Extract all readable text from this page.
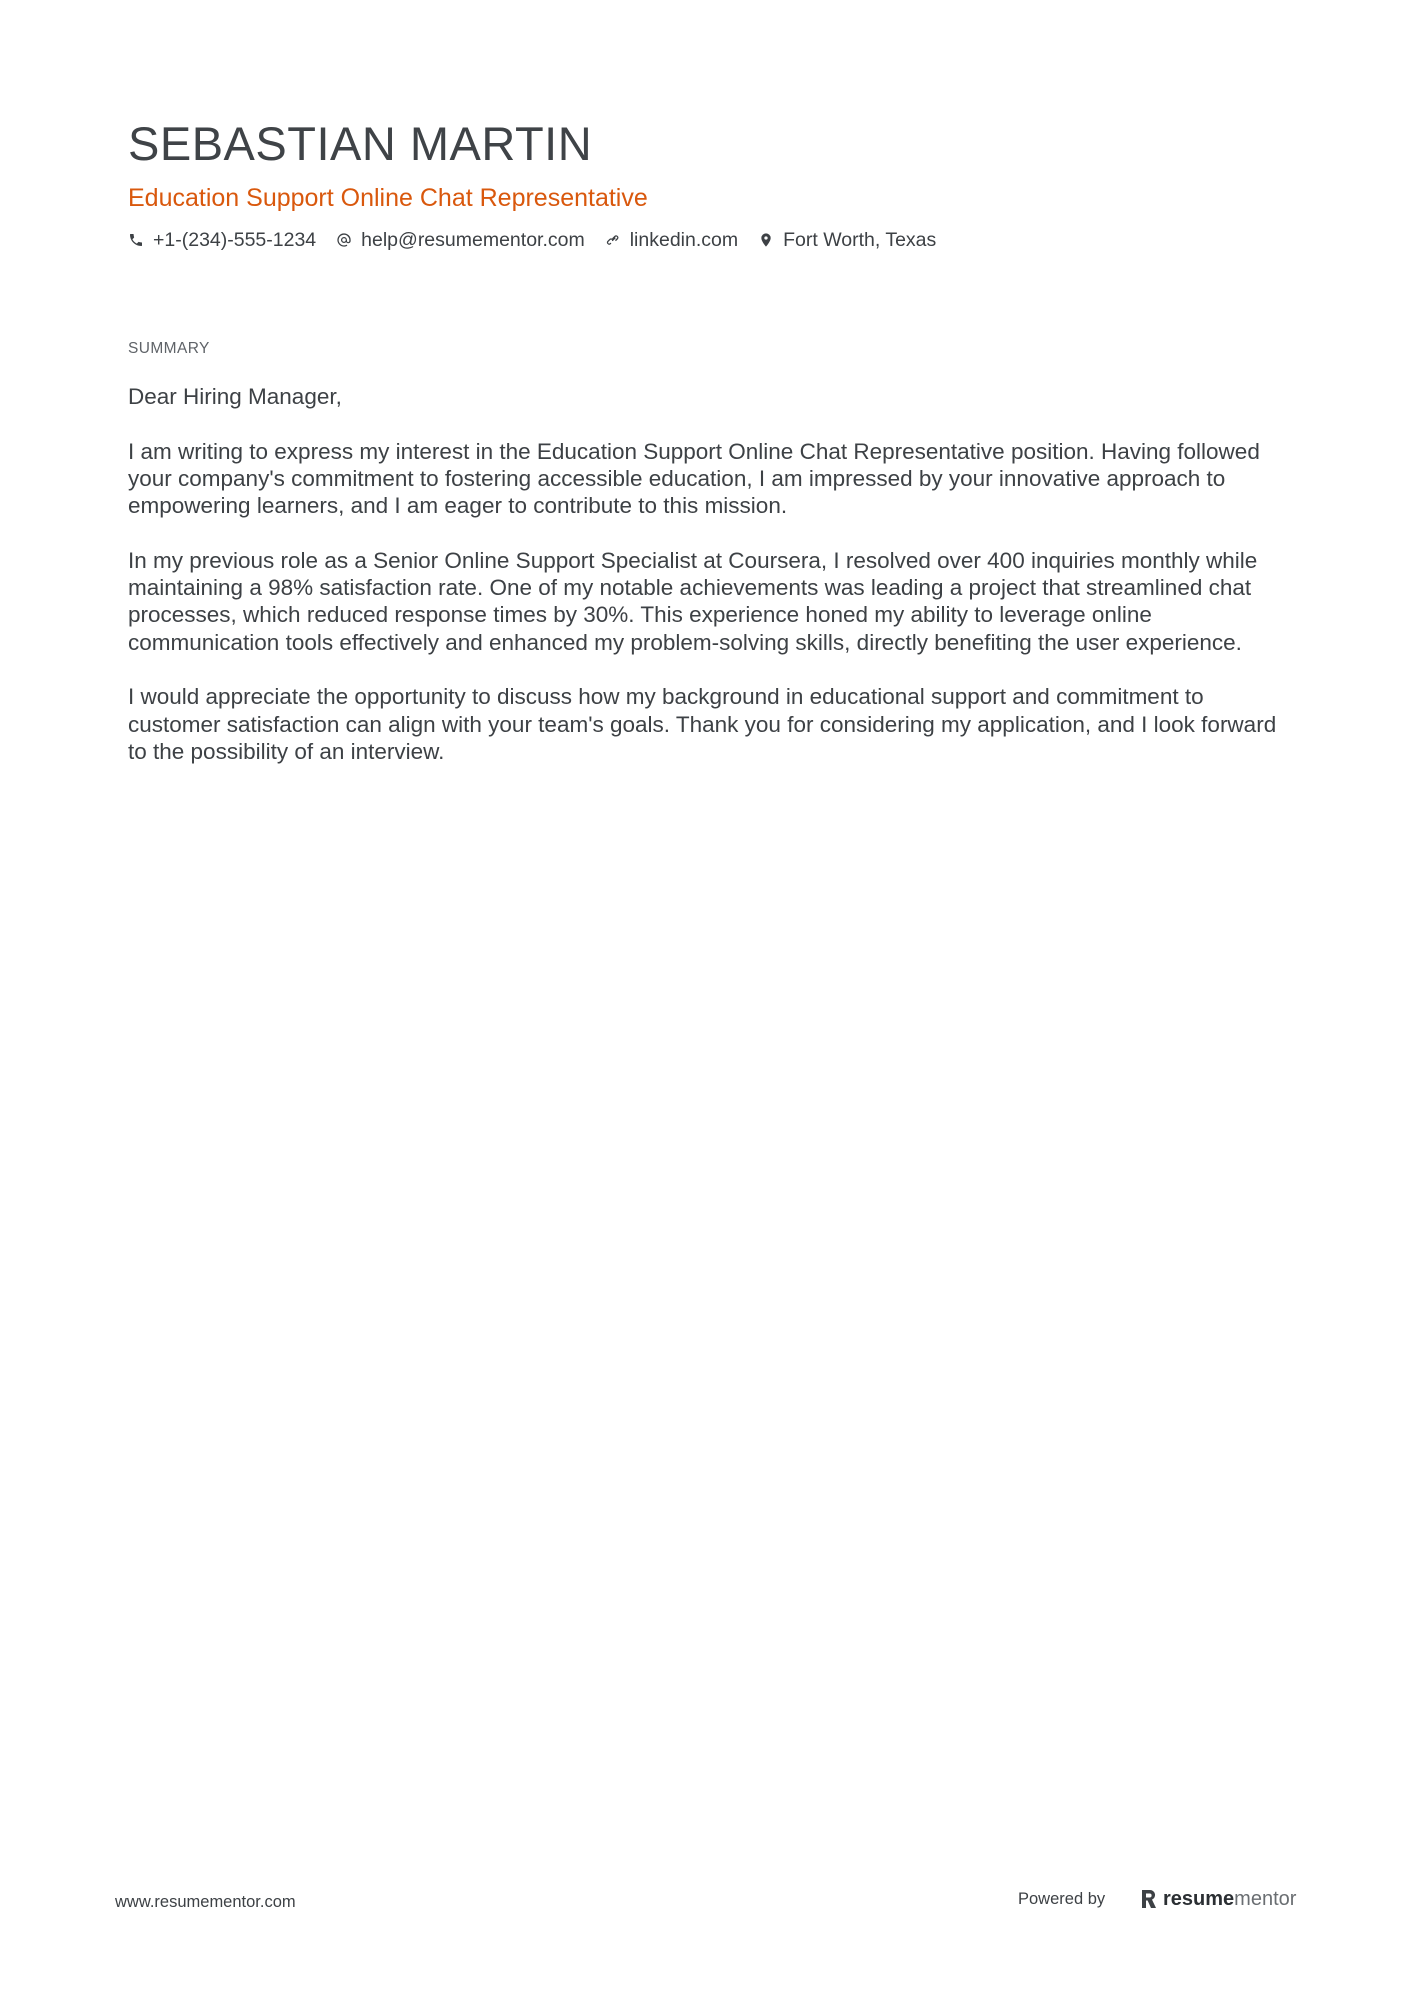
SEBASTIAN MARTIN
Education Support Online Chat Representative
+1-(234)-555-1234 help@resumementor.com linkedin.com Fort Worth, Texas
SUMMARY

Dear Hiring Manager,

I am writing to express my interest in the Education Support Online Chat Representative position. Having followed your company's commitment to fostering accessible education, I am impressed by your innovative approach to empowering learners, and I am eager to contribute to this mission.

In my previous role as a Senior Online Support Specialist at Coursera, I resolved over 400 inquiries monthly while maintaining a 98% satisfaction rate. One of my notable achievements was leading a project that streamlined chat processes, which reduced response times by 30%. This experience honed my ability to leverage online communication tools effectively and enhanced my problem-solving skills, directly benefiting the user experience.

I would appreciate the opportunity to discuss how my background in educational support and commitment to customer satisfaction can align with your team's goals. Thank you for considering my application, and I look forward to the possibility of an interview.

www.resumementor.com	Powered by	resume mentor
